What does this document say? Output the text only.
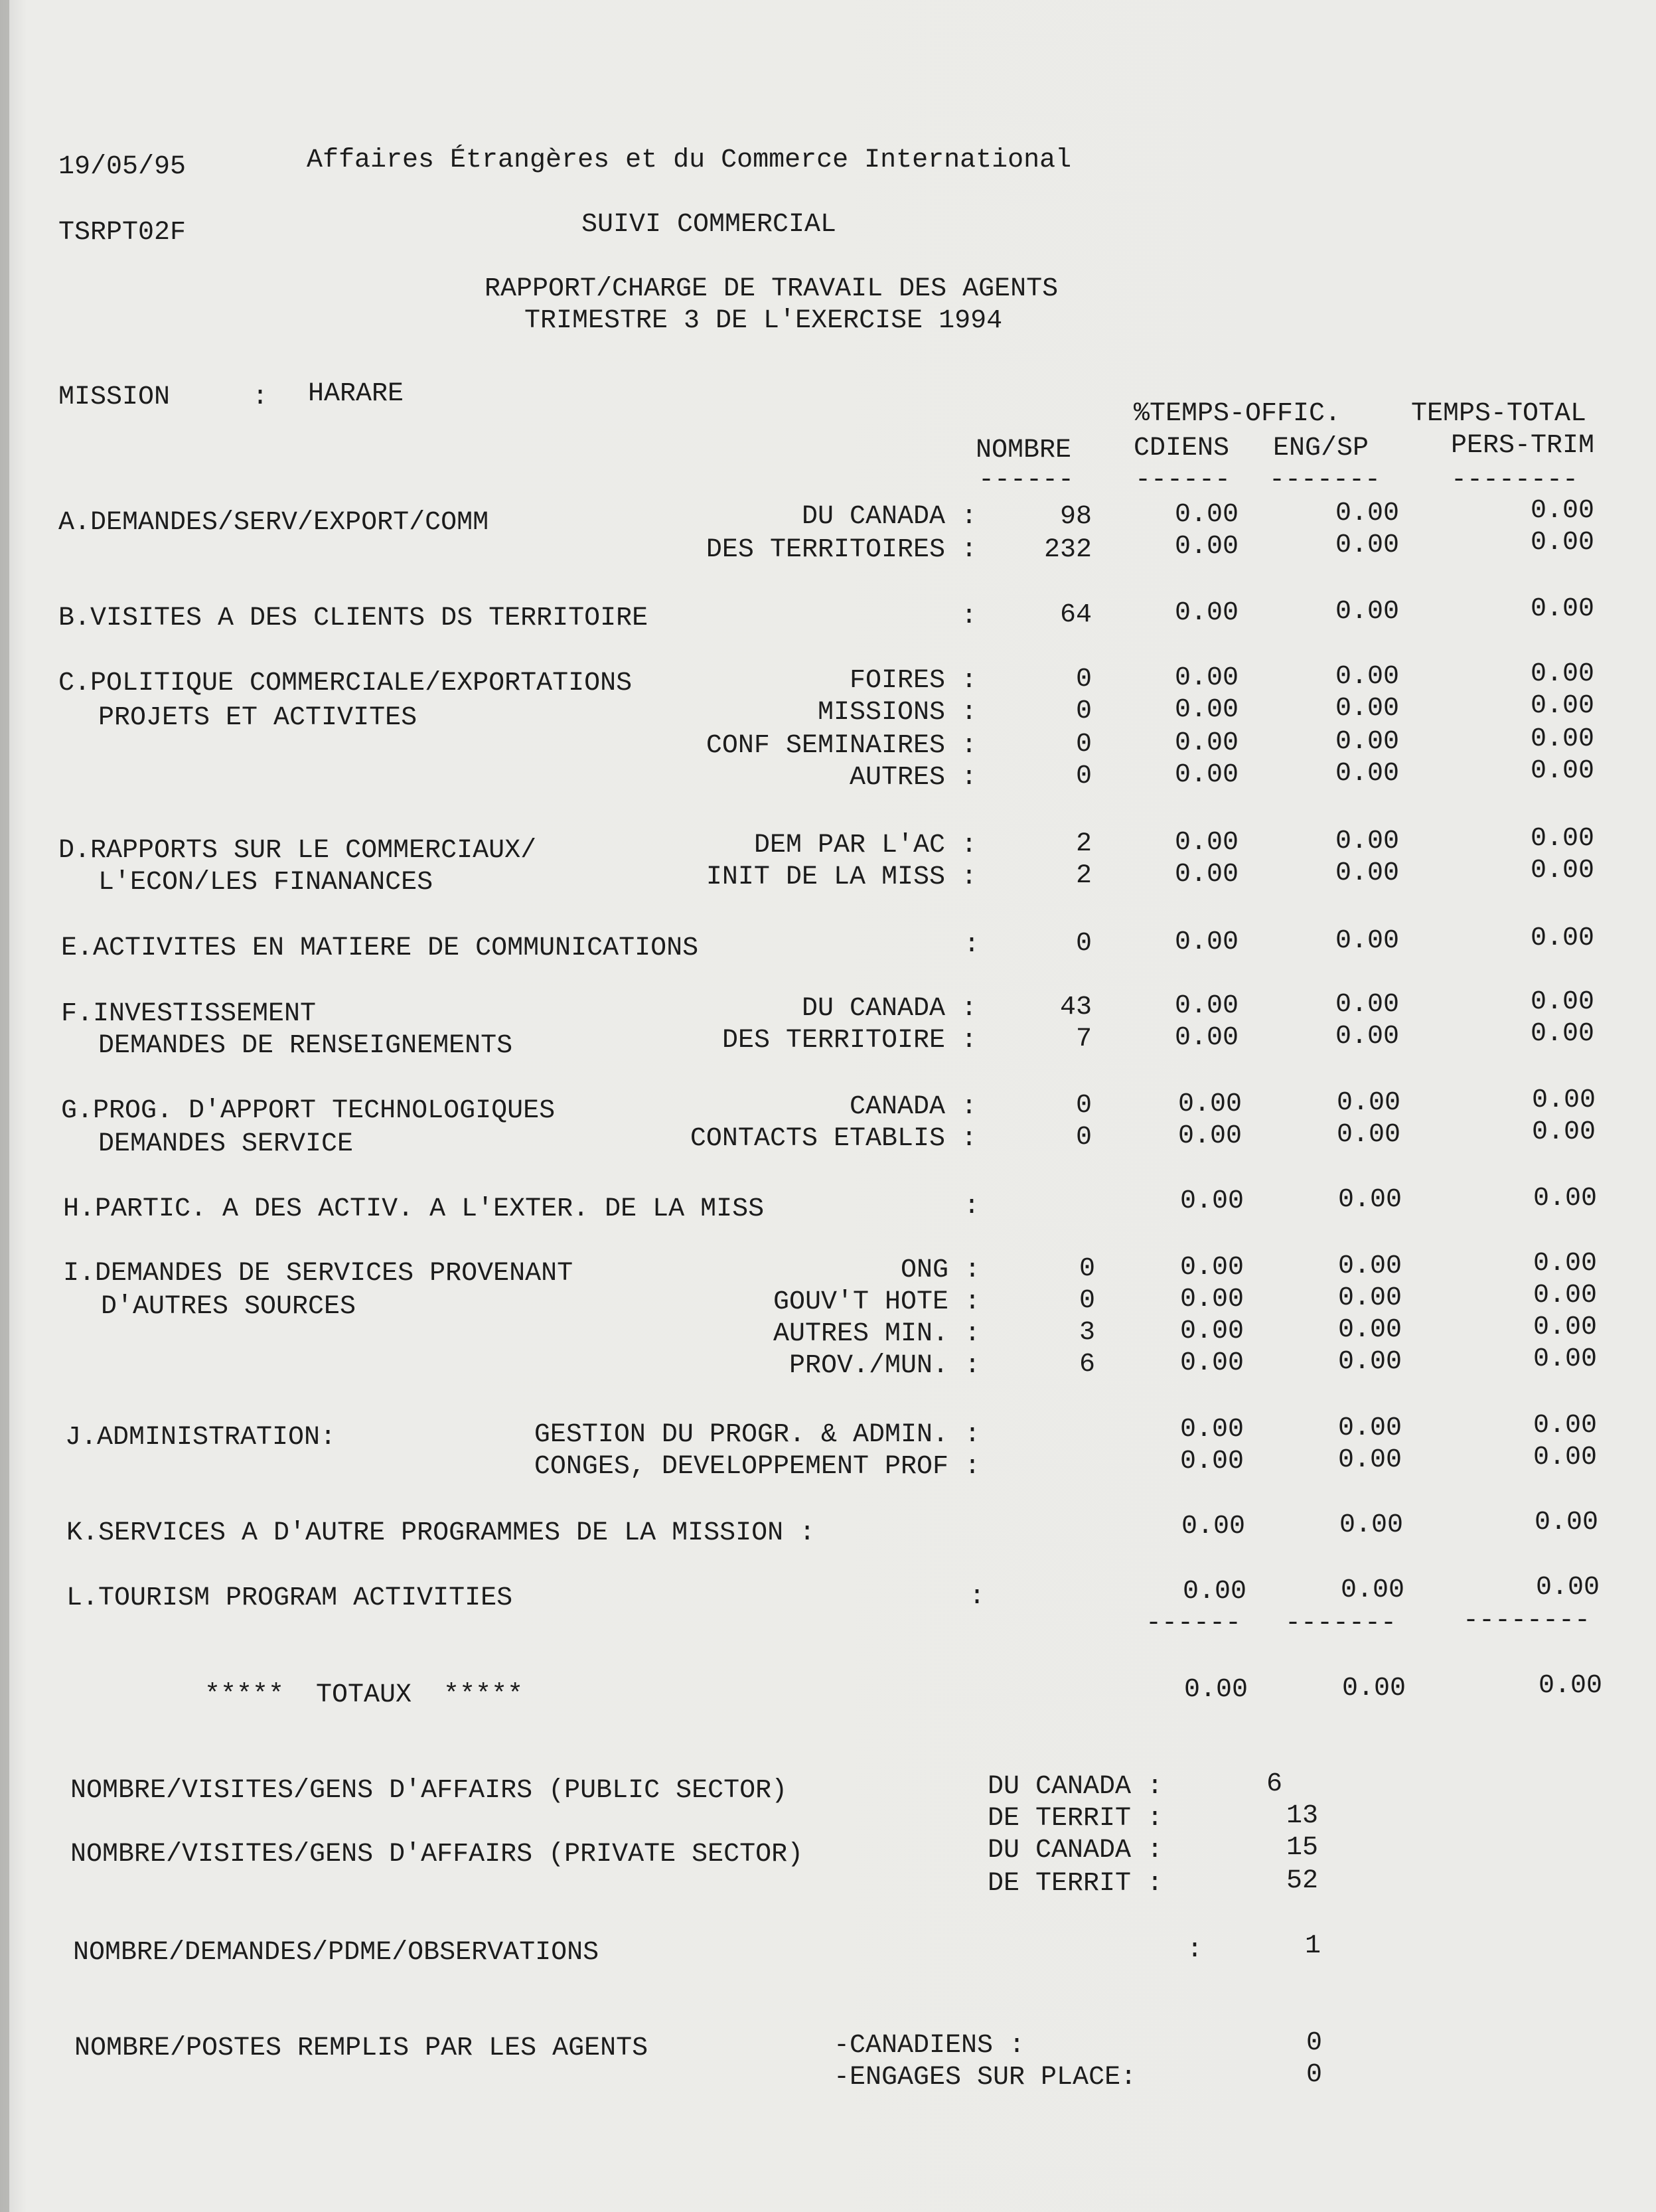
19/05/95	Affaires Étrangères et du Commerce International
TSRPT02F	SUIVI COMMERCIAL
RAPPORT/CHARGE DE TRAVAIL DES AGENTS
TRIMESTRE 3 DE L'EXERCISE 1994
MISSION	: HARARE
%TEMPS-OFFIC.	TEMPS-TOTAL
NOMBRE CDIENS ENG/SP	PERS-TRIM
------ ------ -------	--------
A.DEMANDES/SERV/EXPORT/COMM	DU CANADA :	98	0.00	0.00	0.00
DES TERRITOIRES :	232	0.00	0.00	0.00
B.VISITES A DES CLIENTS DS TERRITOIRE	:	64	0.00	0.00	0.00
C.POLITIQUE COMMERCIALE/EXPORTATIONS
PROJETS ET ACTIVITES
FOIRES :	0	0.00	0.00	0.00
MISSIONS :	0	0.00	0.00	0.00
CONF SEMINAIRES :	0	0.00	0.00	0.00
AUTRES :	0	0.00	0.00	0.00
D.RAPPORTS SUR LE COMMERCIAUX/
L'ECON/LES FINANANCES
DEM PAR L'AC :	2	0.00	0.00	0.00
INIT DE LA MISS :	2	0.00	0.00	0.00
E.ACTIVITES EN MATIERE DE COMMUNICATIONS	:	0	0.00	0.00	0.00
F.INVESTISSEMENT
DEMANDES DE RENSEIGNEMENTS
DU CANADA :	43	0.00	0.00	0.00
DES TERRITOIRE :	7	0.00	0.00	0.00
G.PROG. D'APPORT TECHNOLOGIQUES
DEMANDES SERVICE
CANADA :	0	0.00	0.00	0.00
CONTACTS ETABLIS :	0	0.00	0.00	0.00
H.PARTIC. A DES ACTIV. A L'EXTER. DE LA MISS	:	0.00	0.00	0.00
I.DEMANDES DE SERVICES PROVENANT
D'AUTRES SOURCES
ONG :	0	0.00	0.00	0.00
GOUV'T HOTE :	0	0.00	0.00	0.00
AUTRES MIN. :	3	0.00	0.00	0.00
PROV./MUN. :	6	0.00	0.00	0.00
J.ADMINISTRATION:	GESTION DU PROGR. & ADMIN. :	0.00	0.00	0.00
CONGES, DEVELOPPEMENT PROF :	0.00	0.00	0.00
K.SERVICES A D'AUTRE PROGRAMMES DE LA MISSION :	0.00	0.00	0.00
L.TOURISM PROGRAM ACTIVITIES	:	0.00	0.00	0.00
------ ------- --------
*****  TOTAUX  *****	0.00	0.00	0.00
NOMBRE/VISITES/GENS D'AFFAIRS (PUBLIC SECTOR)	DU CANADA :	6
DE TERRIT :	13
NOMBRE/VISITES/GENS D'AFFAIRS (PRIVATE SECTOR)	DU CANADA :	15
DE TERRIT :	52
NOMBRE/DEMANDES/PDME/OBSERVATIONS	:	1
NOMBRE/POSTES REMPLIS PAR LES AGENTS	-CANADIENS :	0
-ENGAGES SUR PLACE:	0
